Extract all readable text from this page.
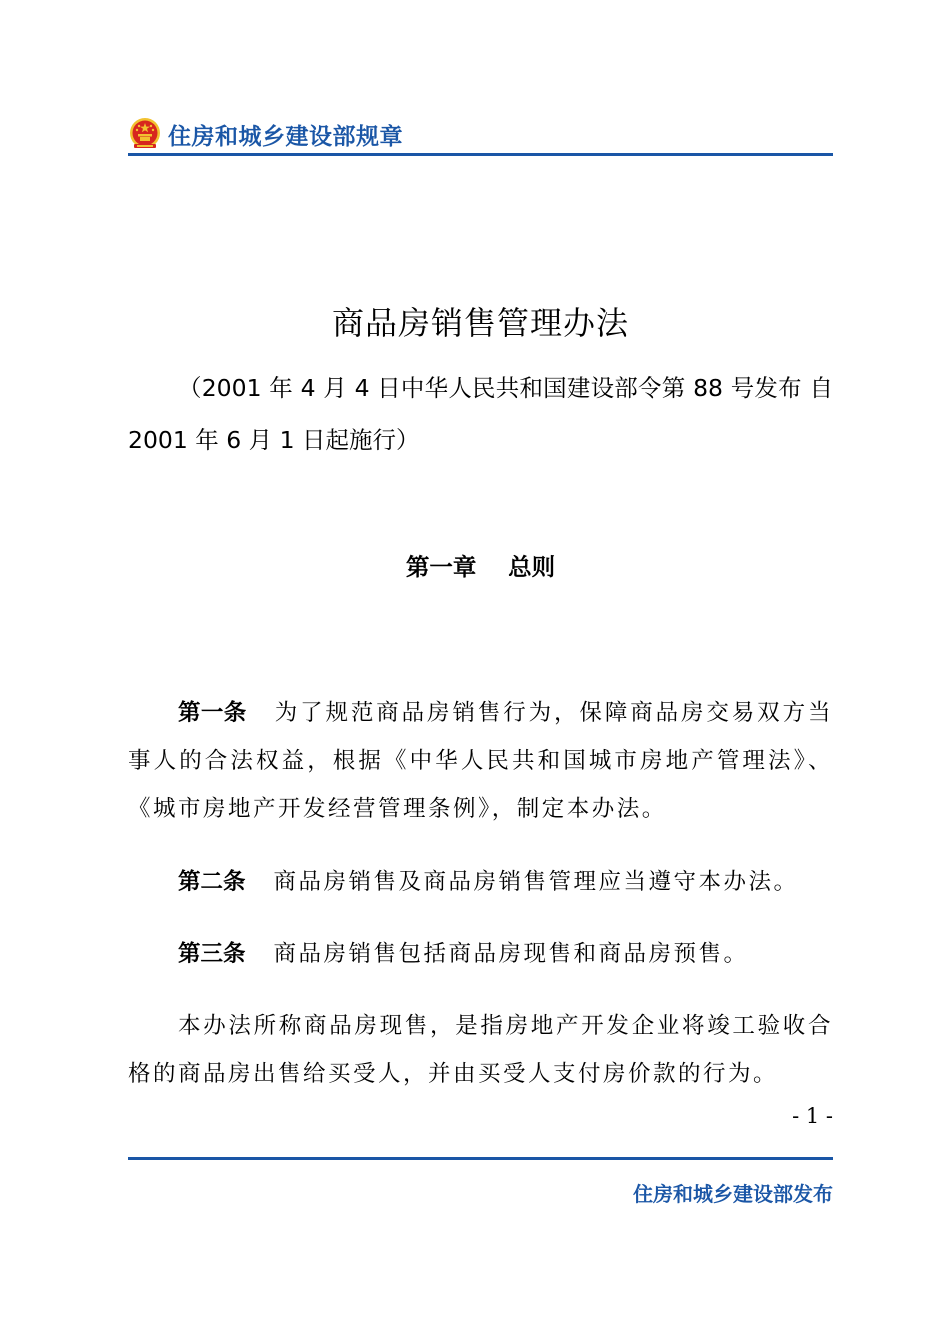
住房和城乡建设部规章
商品房销售管理办法
（2001 年 4 月 4 日中华人民共和国建设部令第 88 号发布 自 2001 年 6 月 1 日起施行）
第一章　 总则
第一条 为了规范商品房销售行为，保障商品房交易双方当事人的合法权益，根据《中华人民共和国城市房地产管理法》、《城市房地产开发经营管理条例》，制定本办法。
第二条 商品房销售及商品房销售管理应当遵守本办法。
第三条 商品房销售包括商品房现售和商品房预售。
本办法所称商品房现售，是指房地产开发企业将竣工验收合格的商品房出售给买受人，并由买受人支付房价款的行为。
- 1 -
住房和城乡建设部发布
